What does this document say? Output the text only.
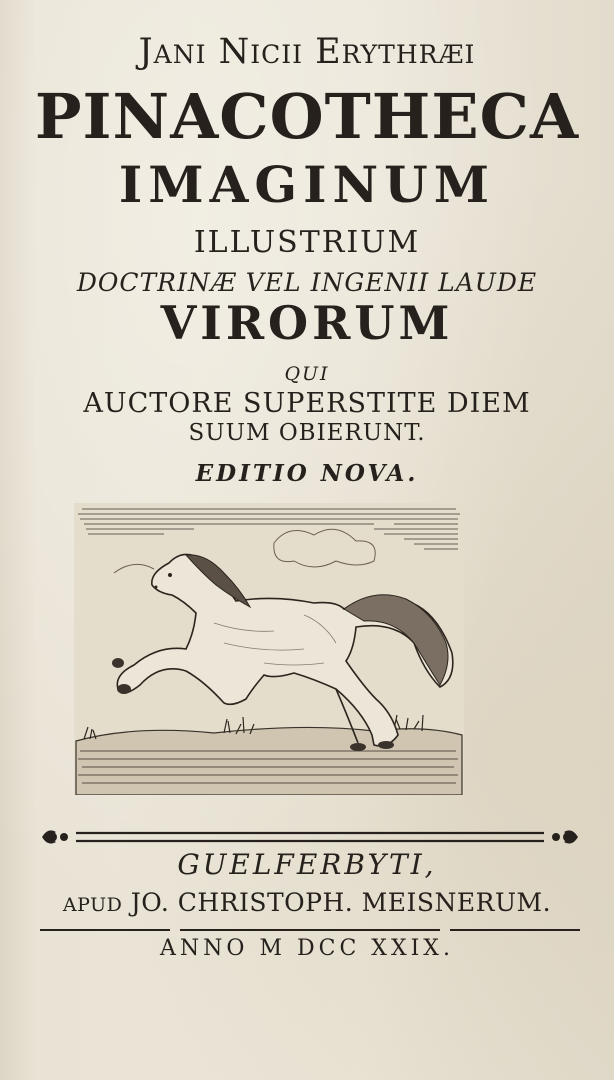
Jani Nicii Erythræi
PINACOTHECA
IMAGINUM
ILLUSTRIUM
DOCTRINÆ VEL INGENII LAUDE
VIRORUM
QUI
AUCTORE SUPERSTITE DIEM
SUUM OBIERUNT.
EDITIO NOVA.
GUELFERBYTI,
APUD JO. CHRISTOPH. MEISNERUM.
ANNO M DCC XXIX.
